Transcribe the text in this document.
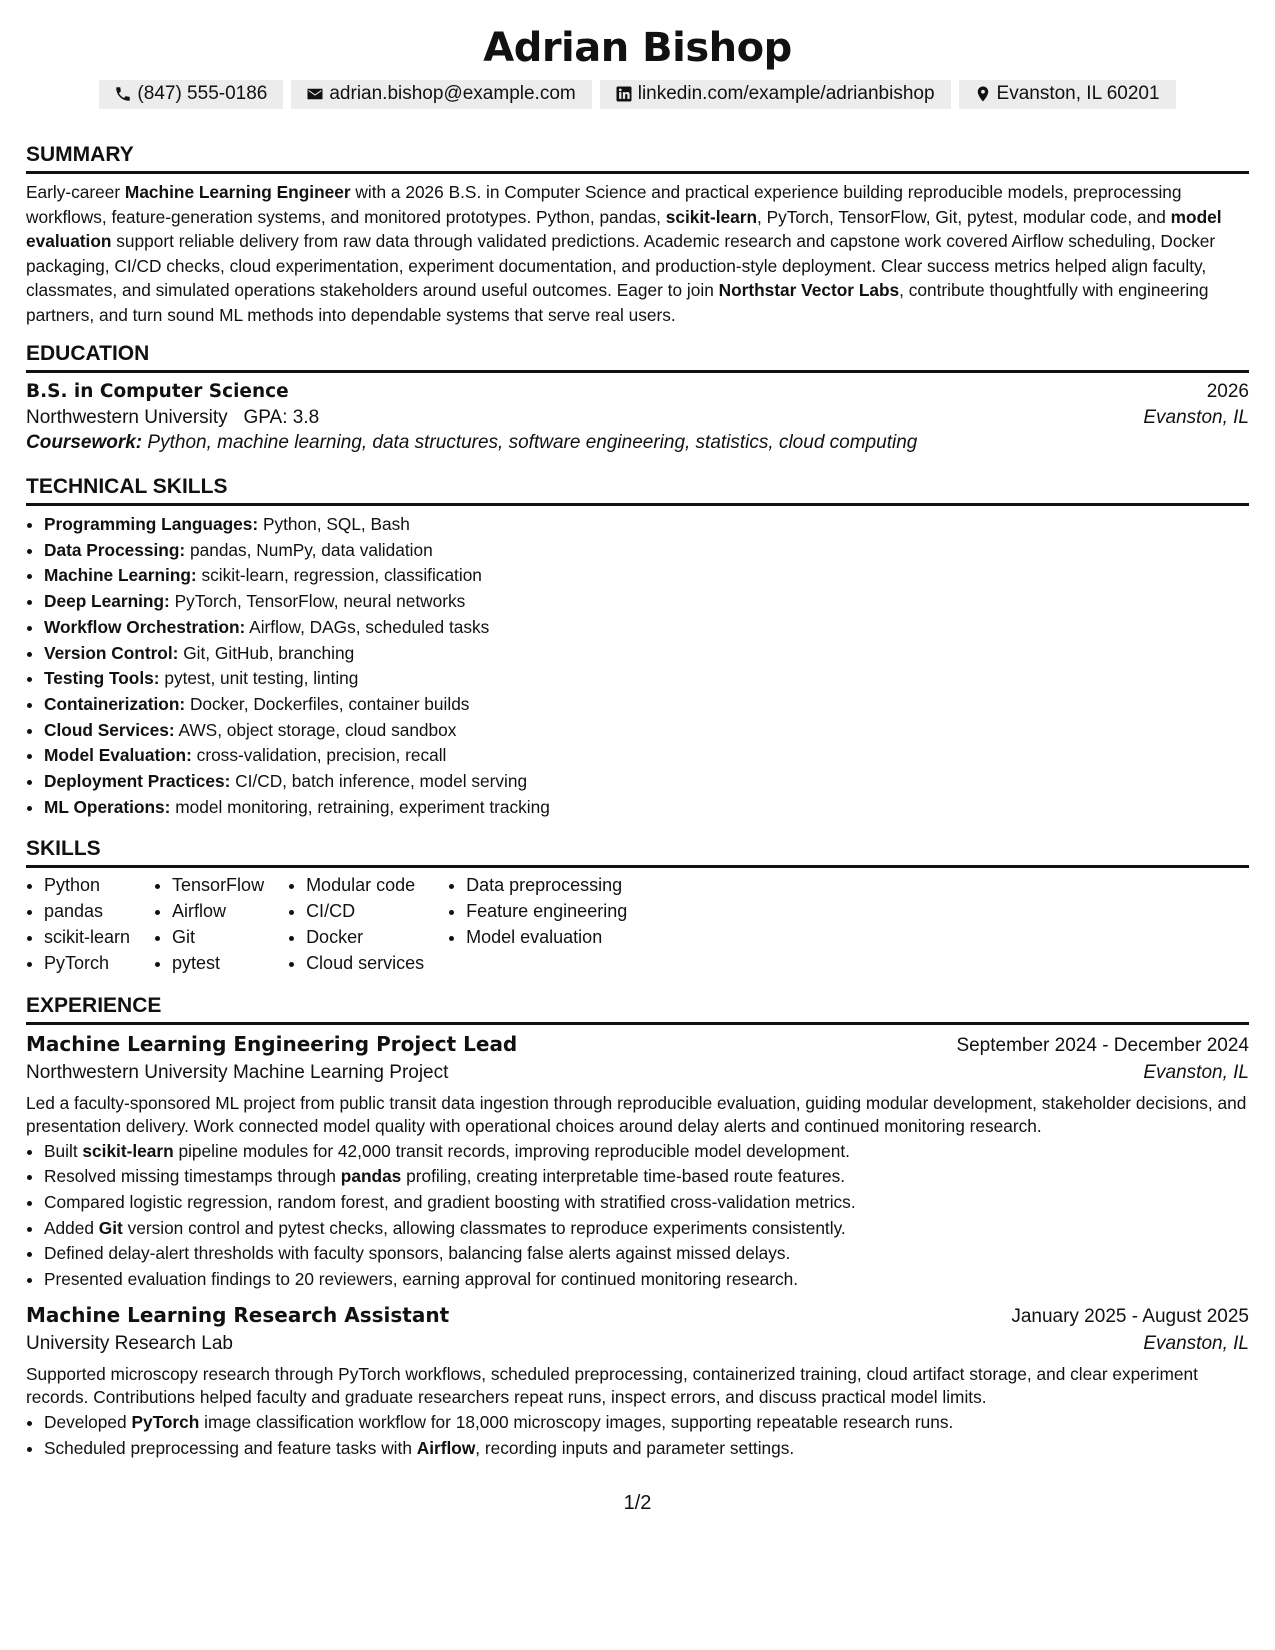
Adrian Bishop
(847) 555-0186	adrian.bishop@example.com	linkedin.com/example/adrianbishop	Evanston, IL 60201
SUMMARY

Early-career Machine Learning Engineer with a 2026 B.S. in Computer Science and practical experience building reproducible models, preprocessing workflows, feature-generation systems, and monitored prototypes. Python, pandas, scikit-learn, PyTorch, TensorFlow, Git, pytest, modular code, and model evaluation support reliable delivery from raw data through validated predictions. Academic research and capstone work covered Airflow scheduling, Docker packaging, CI/CD checks, cloud experimentation, experiment documentation, and production-style deployment. Clear success metrics helped align faculty, classmates, and simulated operations stakeholders around useful outcomes. Eager to join Northstar Vector Labs, contribute thoughtfully with engineering partners, and turn sound ML methods into dependable systems that serve real users.

EDUCATION
B.S. in Computer Science	2026
Northwestern University GPA: 3.8	Evanston, IL
Coursework: Python, machine learning, data structures, software engineering, statistics, cloud computing
TECHNICAL SKILLS
• Programming Languages: Python, SQL, Bash
• Data Processing: pandas, NumPy, data validation
• Machine Learning: scikit-learn, regression, classification
• Deep Learning: PyTorch, TensorFlow, neural networks
• Workflow Orchestration: Airflow, DAGs, scheduled tasks
• Version Control: Git, GitHub, branching
• Testing Tools: pytest, unit testing, linting
• Containerization: Docker, Dockerfiles, container builds
• Cloud Services: AWS, object storage, cloud sandbox
• Model Evaluation: cross-validation, precision, recall
• Deployment Practices: CI/CD, batch inference, model serving
• ML Operations: model monitoring, retraining, experiment tracking
SKILLS
• Python
• pandas
• scikit-learn
• PyTorch
• TensorFlow
• Airflow
• Git
• pytest
• Modular code
• CI/CD
• Docker
• Cloud services
• Data preprocessing
• Feature engineering
• Model evaluation
EXPERIENCE
Machine Learning Engineering Project Lead	September 2024 - December 2024
Northwestern University Machine Learning Project	Evanston, IL

Led a faculty-sponsored ML project from public transit data ingestion through reproducible evaluation, guiding modular development, stakeholder decisions, and presentation delivery. Work connected model quality with operational choices around delay alerts and continued monitoring research.

• Built scikit-learn pipeline modules for 42,000 transit records, improving reproducible model development.
• Resolved missing timestamps through pandas profiling, creating interpretable time-based route features.
• Compared logistic regression, random forest, and gradient boosting with stratified cross-validation metrics.
• Added Git version control and pytest checks, allowing classmates to reproduce experiments consistently.
• Defined delay-alert thresholds with faculty sponsors, balancing false alerts against missed delays.
• Presented evaluation findings to 20 reviewers, earning approval for continued monitoring research.
Machine Learning Research Assistant	January 2025 - August 2025
University Research Lab	Evanston, IL

Supported microscopy research through PyTorch workflows, scheduled preprocessing, containerized training, cloud artifact storage, and clear experiment records. Contributions helped faculty and graduate researchers repeat runs, inspect errors, and discuss practical model limits.

• Developed PyTorch image classification workflow for 18,000 microscopy images, supporting repeatable research runs.
• Scheduled preprocessing and feature tasks with Airflow, recording inputs and parameter settings.
1/2
